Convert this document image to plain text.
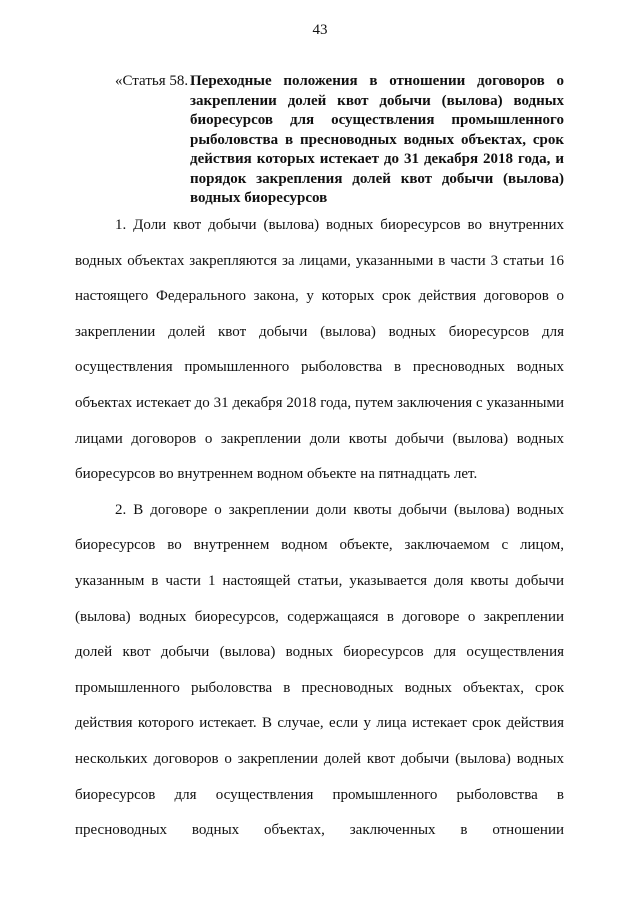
43
«Статья 58. Переходные положения в отношении договоров о закреплении долей квот добычи (вылова) водных биоресурсов для осуществления промышленного рыболовства в пресноводных водных объектах, срок действия которых истекает до 31 декабря 2018 года, и порядок закрепления долей квот добычи (вылова) водных биоресурсов

1. Доли квот добычи (вылова) водных биоресурсов во внутренних водных объектах закрепляются за лицами, указанными в части 3 статьи 16 настоящего Федерального закона, у которых срок действия договоров о закреплении долей квот добычи (вылова) водных биоресурсов для осуществления промышленного рыболовства в пресноводных водных объектах истекает до 31 декабря 2018 года, путем заключения с указанными лицами договоров о закреплении доли квоты добычи (вылова) водных биоресурсов во внутреннем водном объекте на пятнадцать лет.

2. В договоре о закреплении доли квоты добычи (вылова) водных биоресурсов во внутреннем водном объекте, заключаемом с лицом, указанным в части 1 настоящей статьи, указывается доля квоты добычи (вылова) водных биоресурсов, содержащаяся в договоре о закреплении долей квот добычи (вылова) водных биоресурсов для осуществления промышленного рыболовства в пресноводных водных объектах, срок действия которого истекает. В случае, если у лица истекает срок действия нескольких договоров о закреплении долей квот добычи (вылова) водных биоресурсов для осуществления промышленного рыболовства в пресноводных водных объектах, заключенных в отношении
